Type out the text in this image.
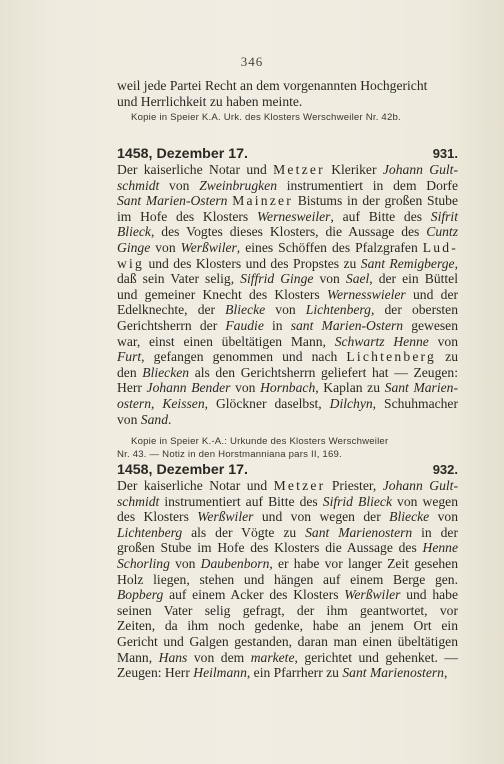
346
weil jede Partei Recht an dem vorgenannten Hochgericht
und Herrlichkeit zu haben meinte.
Kopie in Speier K.A. Urk. des Klosters Werschweiler Nr. 42b.
1458, Dezember 17.	931.
Der kaiserliche Notar und Metzer Kleriker Johann Gult-
schmidt von Zweinbrugken instrumentiert in dem Dorfe
Sant Marien-Ostern Mainzer Bistums in der großen Stube
im Hofe des Klosters Wernesweiler, auf Bitte des Sifrit
Blieck, des Vogtes dieses Klosters, die Aussage des Cuntz
Ginge von Werßwiler, eines Schöffen des Pfalzgrafen Lud-
wig und des Klosters und des Propstes zu Sant Remigberge,
daß sein Vater selig, Siffrid Ginge von Sael, der ein Büttel
und gemeiner Knecht des Klosters Wernesswieler und der
Edelknechte, der Bliecke von Lichtenberg, der obersten
Gerichtsherrn der Faudie in sant Marien-Ostern gewesen
war, einst einen übeltätigen Mann, Schwartz Henne von
Furt, gefangen genommen und nach Lichtenberg zu
den Bliecken als den Gerichtsherrn geliefert hat — Zeugen:
Herr Johann Bender von Hornbach, Kaplan zu Sant Marien-
ostern, Keissen, Glöckner daselbst, Dilchyn, Schuhmacher
von Sand.
Kopie in Speier K.-A.: Urkunde des Klosters Werschweiler
Nr. 43. — Notiz in den Horstmanniana pars II, 169.
1458, Dezember 17.	932.
Der kaiserliche Notar und Metzer Priester, Johann Gult-
schmidt instrumentiert auf Bitte des Sifrid Blieck von wegen
des Klosters Werßwiler und von wegen der Bliecke von
Lichtenberg als der Vögte zu Sant Marienostern in der
großen Stube im Hofe des Klosters die Aussage des Henne
Schorling von Daubenborn, er habe vor langer Zeit gesehen
Holz liegen, stehen und hängen auf einem Berge gen.
Bopberg auf einem Acker des Klosters Werßwiler und habe
seinen Vater selig gefragt, der ihm geantwortet, vor
Zeiten, da ihm noch gedenke, habe an jenem Ort ein
Gericht und Galgen gestanden, daran man einen übeltätigen
Mann, Hans von dem markete, gerichtet und gehenket. —
Zeugen: Herr Heilmann, ein Pfarrherr zu Sant Marienostern,
